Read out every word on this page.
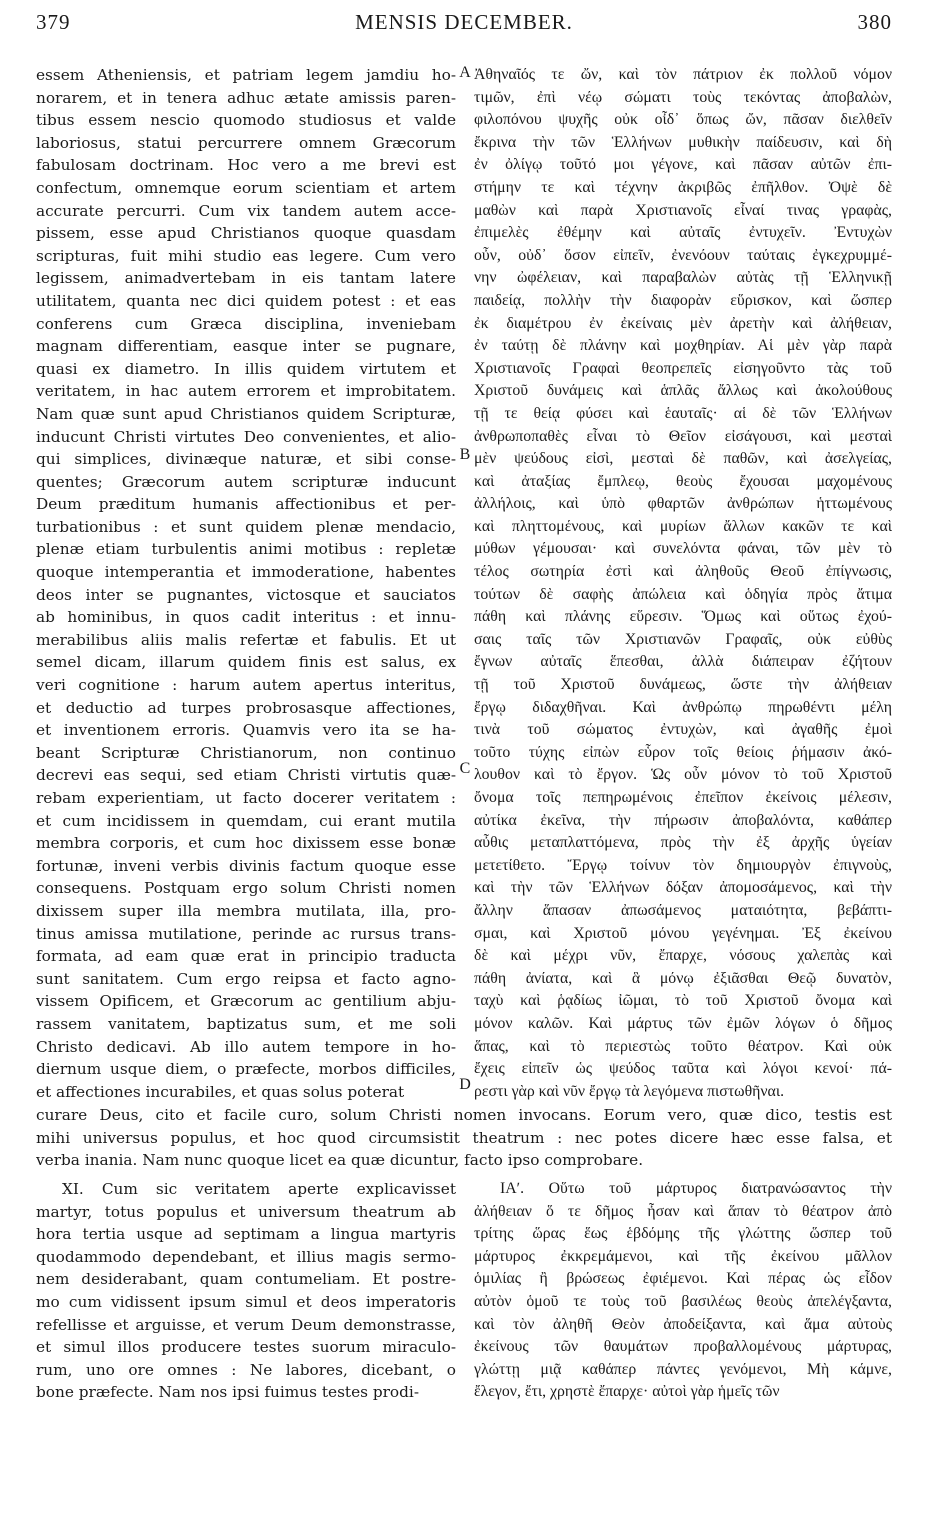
379	MENSIS DECEMBER.	380
essem Atheniensis, et patriam legem jamdiu ho-
norarem, et in tenera adhuc ætate amissis paren-
tibus essem nescio quomodo studiosus et valde
laboriosus, statui percurrere omnem Græcorum
fabulosam doctrinam. Hoc vero a me brevi est
confectum, omnemque eorum scientiam et artem
accurate percurri. Cum vix tandem autem acce-
pissem, esse apud Christianos quoque quasdam
scripturas, fuit mihi studio eas legere. Cum vero
legissem, animadvertebam in eis tantam latere
utilitatem, quanta nec dici quidem potest : et eas
conferens cum Græca disciplina, inveniebam
magnam differentiam, easque inter se pugnare,
quasi ex diametro. In illis quidem virtutem et
veritatem, in hac autem errorem et improbitatem.
Nam quæ sunt apud Christianos quidem Scripturæ,
inducunt Christi virtutes Deo convenientes, et alio-
qui simplices, divinæque naturæ, et sibi conse-
quentes; Græcorum autem scripturæ inducunt
Deum præditum humanis affectionibus et per-
turbationibus : et sunt quidem plenæ mendacio,
plenæ etiam turbulentis animi motibus : repletæ
quoque intemperantia et immoderatione, habentes
deos inter se pugnantes, victosque et sauciatos
ab hominibus, in quos cadit interitus : et innu-
merabilibus aliis malis refertæ et fabulis. Et ut
semel dicam, illarum quidem finis est salus, ex
veri cognitione : harum autem apertus interitus,
et deductio ad turpes probrosasque affectiones,
et inventionem erroris. Quamvis vero ita se ha-
beant Scripturæ Christianorum, non continuo
decrevi eas sequi, sed etiam Christi virtutis quæ-
rebam experientiam, ut facto docerer veritatem :
et cum incidissem in quemdam, cui erant mutila
membra corporis, et cum hoc dixissem esse bonæ
fortunæ, inveni verbis divinis factum quoque esse
consequens. Postquam ergo solum Christi nomen
dixissem super illa membra mutilata, illa, pro-
tinus amissa mutilatione, perinde ac rursus trans-
formata, ad eam quæ erat in principio traducta
sunt sanitatem. Cum ergo reipsa et facto agno-
vissem Opificem, et Græcorum ac gentilium abju-
rassem vanitatem, baptizatus sum, et me soli
Christo dedicavi. Ab illo autem tempore in ho-
diernum usque diem, o præfecte, morbos difficiles,
et affectiones incurabiles, et quas solus poterat
Ἀθηναῖός τε ὤν, καὶ τὸν πάτριον ἐκ πολλοῦ νόμον
τιμῶν, ἐπὶ νέῳ σώματι τοὺς τεκόντας ἀποβαλὼν,
φιλοπόνου ψυχῆς οὐκ οἶδ᾽ ὅπως ὤν, πᾶσαν διελθεῖν
ἔκρινα τὴν τῶν Ἑλλήνων μυθικὴν παίδευσιν, καὶ δὴ
ἐν ὀλίγῳ τοῦτό μοι γέγονε, καὶ πᾶσαν αὐτῶν ἐπι-
στήμην τε καὶ τέχνην ἀκριβῶς ἐπῆλθον. Ὀψὲ δὲ
μαθὼν καὶ παρὰ Χριστιανοῖς εἶναί τινας γραφὰς,
ἐπιμελὲς ἐθέμην καὶ αὐταῖς ἐντυχεῖν. Ἐντυχὼν
οὖν, οὐδ᾽ ὅσον εἰπεῖν, ἐνενόουν ταύταις ἐγκεχρυμμέ-
νην ὠφέλειαν, καὶ παραβαλὼν αὐτὰς τῇ Ἑλληνικῇ
παιδείᾳ, πολλὴν τὴν διαφορὰν εὕρισκον, καὶ ὥσπερ
ἐκ διαμέτρου ἐν ἐκείναις μὲν ἀρετὴν καὶ ἀλήθειαν,
ἐν ταύτῃ δὲ πλάνην καὶ μοχθηρίαν. Αἱ μὲν γὰρ παρὰ
Χριστιανοῖς Γραφαὶ θεοπρεπεῖς εἰσηγοῦντο τὰς τοῦ
Χριστοῦ δυνάμεις καὶ ἁπλᾶς ἄλλως καὶ ἀκολούθους
τῇ τε θείᾳ φύσει καὶ ἑαυταῖς· αἱ δὲ τῶν Ἑλλήνων
ἀνθρωποπαθὲς εἶναι τὸ Θεῖον εἰσάγουσι, καὶ μεσταὶ
μὲν ψεύδους εἰσὶ, μεσταὶ δὲ παθῶν, καὶ ἀσελγείας,
καὶ ἀταξίας ἔμπλεῳ, θεοὺς ἔχουσαι μαχομένους
ἀλλήλοις, καὶ ὑπὸ φθαρτῶν ἀνθρώπων ἡττωμένους
καὶ πληττομένους, καὶ μυρίων ἄλλων κακῶν τε καὶ
μύθων γέμουσαι· καὶ συνελόντα φάναι, τῶν μὲν τὸ
τέλος σωτηρία ἐστὶ καὶ ἀληθοῦς Θεοῦ ἐπίγνωσις,
τούτων δὲ σαφὴς ἀπώλεια καὶ ὁδηγία πρὸς ἄτιμα
πάθη καὶ πλάνης εὕρεσιν. Ὅμως καὶ οὕτως ἐχού-
σαις ταῖς τῶν Χριστιανῶν Γραφαῖς, οὐκ εὐθὺς
ἔγνων αὐταῖς ἕπεσθαι, ἀλλὰ διάπειραν ἐζήτουν
τῇ τοῦ Χριστοῦ δυνάμεως, ὥστε τὴν ἀλήθειαν
ἔργῳ διδαχθῆναι. Καὶ ἀνθρώπῳ πηρωθέντι μέλη
τινὰ τοῦ σώματος ἐντυχὼν, καὶ ἀγαθῆς ἐμοὶ
τοῦτο τύχης εἰπὼν εὗρον τοῖς θείοις ῥήμασιν ἀκό-
λουθον καὶ τὸ ἔργον. Ὡς οὖν μόνον τὸ τοῦ Χριστοῦ
ὄνομα τοῖς πεπηρωμένοις ἐπεῖπον ἐκείνοις μέλεσιν,
αὐτίκα ἐκεῖνα, τὴν πήρωσιν ἀποβαλόντα, καθάπερ
αὖθις μεταπλαττόμενα, πρὸς τὴν ἐξ ἀρχῆς ὑγείαν
μετετίθετο. Ἔργῳ τοίνυν τὸν δημιουργὸν ἐπιγνοὺς,
καὶ τὴν τῶν Ἑλλήνων δόξαν ἀπομοσάμενος, καὶ τὴν
ἄλλην ἅπασαν ἀπωσάμενος ματαιότητα, βεβάπτι-
σμαι, καὶ Χριστοῦ μόνου γεγένημαι. Ἐξ ἐκείνου
δὲ καὶ μέχρι νῦν, ἔπαρχε, νόσους χαλεπὰς καὶ
πάθη ἀνίατα, καὶ ἃ μόνῳ ἐξιᾶσθαι Θεῷ δυνατὸν,
ταχὺ καὶ ῥᾳδίως ἰῶμαι, τὸ τοῦ Χριστοῦ ὄνομα καὶ
μόνον καλῶν. Καὶ μάρτυς τῶν ἐμῶν λόγων ὁ δῆμος
ἅπας, καὶ τὸ περιεστὼς τοῦτο θέατρον. Καὶ οὐκ
ἔχεις εἰπεῖν ὡς ψεύδος ταῦτα καὶ λόγοι κενοί· πά-
ρεστι γὰρ καὶ νῦν ἔργῳ τὰ λεγόμενα πιστωθῆναι.
curare Deus, cito et facile curo, solum Christi nomen invocans. Eorum vero, quæ dico, testis est
mihi universus populus, et hoc quod circumsistit theatrum : nec potes dicere hæc esse falsa, et
verba inania. Nam nunc quoque licet ea quæ dicuntur, facto ipso comprobare.
XI. Cum sic veritatem aperte explicavisset
martyr, totus populus et universum theatrum ab
hora tertia usque ad septimam a lingua martyris
quodammodo dependebant, et illius magis sermo-
nem desiderabant, quam contumeliam. Et postre-
mo cum vidissent ipsum simul et deos imperatoris
refellisse et arguisse, et verum Deum demonstrasse,
et simul illos producere testes suorum miraculo-
rum, uno ore omnes : Ne labores, dicebant, o
bone præfecte. Nam nos ipsi fuimus testes prodi-
ΙΑʹ. Οὕτω τοῦ μάρτυρος διατρανώσαντος τὴν
ἀλήθειαν ὅ τε δῆμος ἦσαν καὶ ἅπαν τὸ θέατρον ἀπὸ
τρίτης ὥρας ἕως ἑβδόμης τῆς γλώττης ὥσπερ τοῦ
μάρτυρος ἐκκρεμάμενοι, καὶ τῆς ἐκείνου μᾶλλον
ὁμιλίας ἢ βρώσεως ἐφιέμενοι. Καὶ πέρας ὡς εἶδον
αὐτὸν ὁμοῦ τε τοὺς τοῦ βασιλέως θεοὺς ἀπελέγξαντα,
καὶ τὸν ἀληθῆ Θεὸν ἀποδείξαντα, καὶ ἅμα αὐτοὺς
ἐκείνους τῶν θαυμάτων προβαλλομένους μάρτυρας,
γλώττῃ μιᾷ καθάπερ πάντες γενόμενοι, Μὴ κάμνε,
ἔλεγον, ἔτι, χρηστὲ ἔπαρχε· αὐτοὶ γὰρ ἡμεῖς τῶν
A
B
C
D
